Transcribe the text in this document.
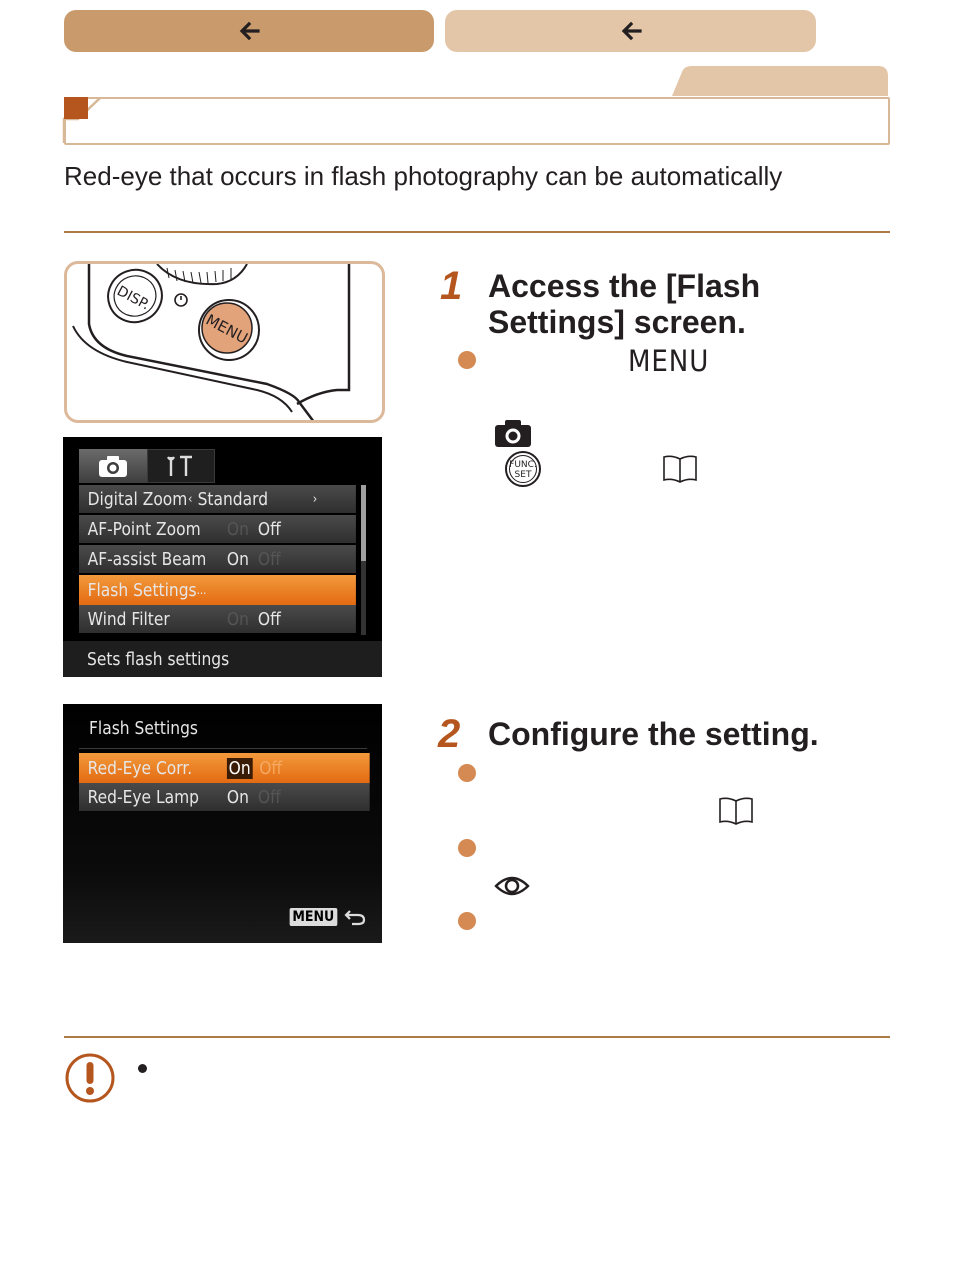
Red-eye that occurs in flash photography can be automatically
DISP.
MENU
Digital Zoom ‹ Standard	›
AF-Point Zoom	On Off
AF-assist Beam	On Off
Flash Settings ...
Wind Filter	On Off
Sets flash settings
Flash Settings
Red-Eye Corr.	On Off
Red-Eye Lamp	On Off
MENU
1 Access the [Flash
Settings] screen.
MENU
FUNC.
SET
2 Configure the setting.
